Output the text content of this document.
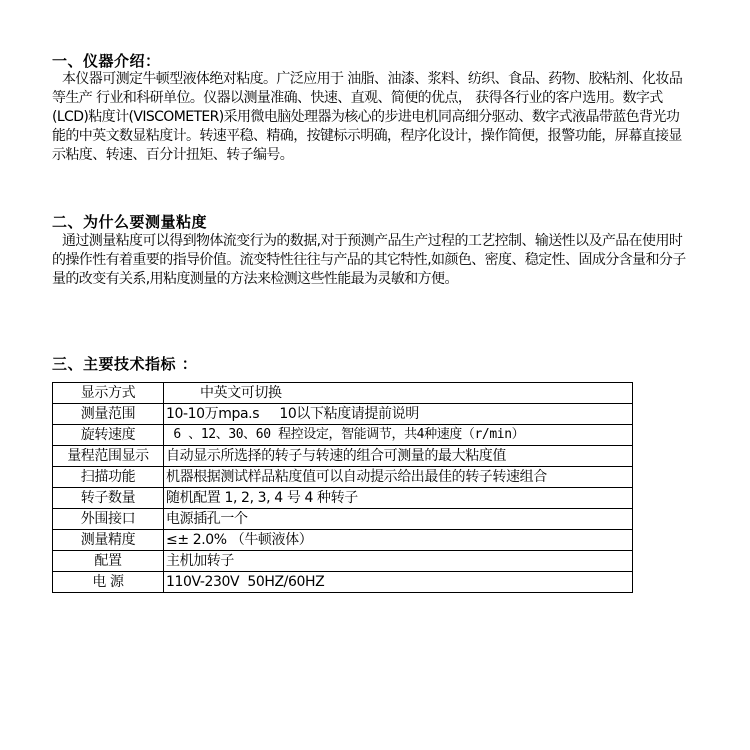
一、仪器介绍：

本仪器可测定牛顿型液体绝对粘度。广泛应用于 油脂、油漆、浆料、纺织、食品、药物、胶粘剂、化妆品等生产 行业和科研单位。仪器以测量准确、快速、直观、简便的优点， 获得各行业的客户选用。数字式(LCD)粘度计(VISCOMETER)采用微电脑处理器为核心的步进电机同高细分驱动、数字式液晶带蓝色背光功能的中英文数显粘度计。转速平稳、精确，按键标示明确，程序化设计，操作简便，报警功能，屏幕直接显示粘度、转速、百分计扭矩、转子编号。

二、为什么要测量粘度

通过测量粘度可以得到物体流变行为的数据,对于预测产品生产过程的工艺控制、输送性以及产品在使用时的操作性有着重要的指导价值。流变特性往往与产品的其它特性,如颜色、密度、稳定性、固成分含量和分子量的改变有关系,用粘度测量的方法来检测这些性能最为灵敏和方便。

三、主要技术指标 ：
显示方式	中英文可切换
测量范围	10-10万mpa.s     10以下粘度请提前说明
旋转速度	6 、12、30、60 程控设定，智能调节，共4种速度（r/min）
量程范围显示	自动显示所选择的转子与转速的组合可测量的最大粘度值
扫描功能	机器根据测试样品粘度值可以自动提示给出最佳的转子转速组合
转子数量	随机配置 1, 2, 3, 4 号 4 种转子
外围接口	电源插孔一个
测量精度	≤± 2.0% （牛顿液体）
配置	主机加转子
电 源	110V-230V  50HZ/60HZ
